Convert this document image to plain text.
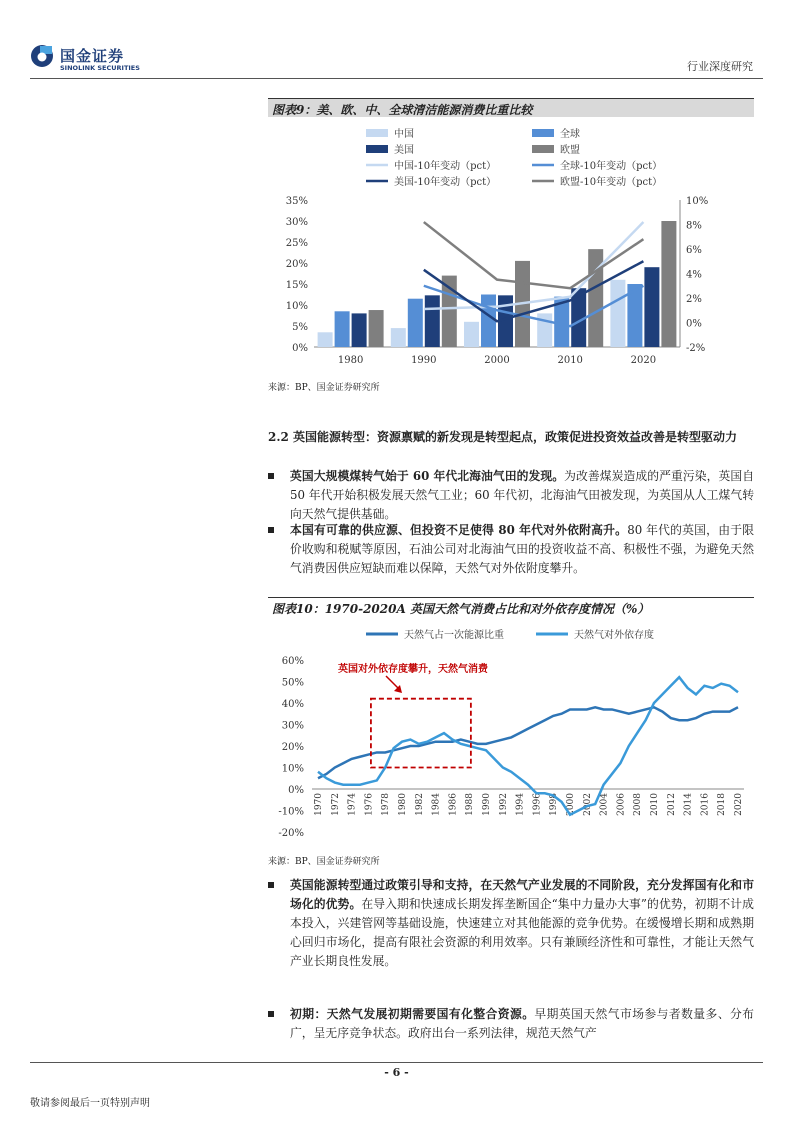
国金证券
SINOLINK SECURITIES	行业深度研究
图表9：美、欧、中、全球清洁能源消费比重比较
中国	全球
美国	欧盟
中国-10年变动（pct）	全球-10年变动（pct）
美国-10年变动（pct）	欧盟-10年变动（pct）
35%
30%
25%
20%
15%
10%
5%
0%
10%
8%
6%
4%
2%
0%
-2%
1980	1990	2000	2010	2020
来源：BP、国金证券研究所
2.2 英国能源转型：资源禀赋的新发现是转型起点，政策促进投资效益改善是转型驱动力
英国大规模煤转气始于 60 年代北海油气田的发现。为改善煤炭造成的严重污染，英国自 50 年代开始积极发展天然气工业；60 年代初，北海油气田被发现，为英国从人工煤气转向天然气提供基础。
本国有可靠的供应源、但投资不足使得 80 年代对外依附高升。80 年代的英国，由于限价收购和税赋等原因，石油公司对北海油气田的投资收益不高、积极性不强，为避免天然气消费因供应短缺而难以保障，天然气对外依附度攀升。
图表10：1970-2020A 英国天然气消费占比和对外依存度情况（%）
天然气占一次能源比重	天然气对外依存度
60%
50%
40%
30%
20%
10%
0%
-10%
-20%
1970 1972 1974 1976 1978 1980 1982 1984 1986 1988 1990 1992 1994 1996 1998 2000 2002 2004 2006 2008 2010 2012 2014 2016 2018 2020
英国对外依存度攀升，天然气消费
来源：BP、国金证券研究所
英国能源转型通过政策引导和支持，在天然气产业发展的不同阶段，充分发挥国有化和市场化的优势。在导入期和快速成长期发挥垄断国企“集中力量办大事”的优势，初期不计成本投入，兴建管网等基础设施，快速建立对其他能源的竞争优势。在缓慢增长期和成熟期心回归市场化，提高有限社会资源的利用效率。只有兼顾经济性和可靠性，才能让天然气产业长期良性发展。
初期：天然气发展初期需要国有化整合资源。早期英国天然气市场参与者数量多、分布广，呈无序竞争状态。政府出台一系列法律，规范天然气产
- 6 -
敬请参阅最后一页特别声明
